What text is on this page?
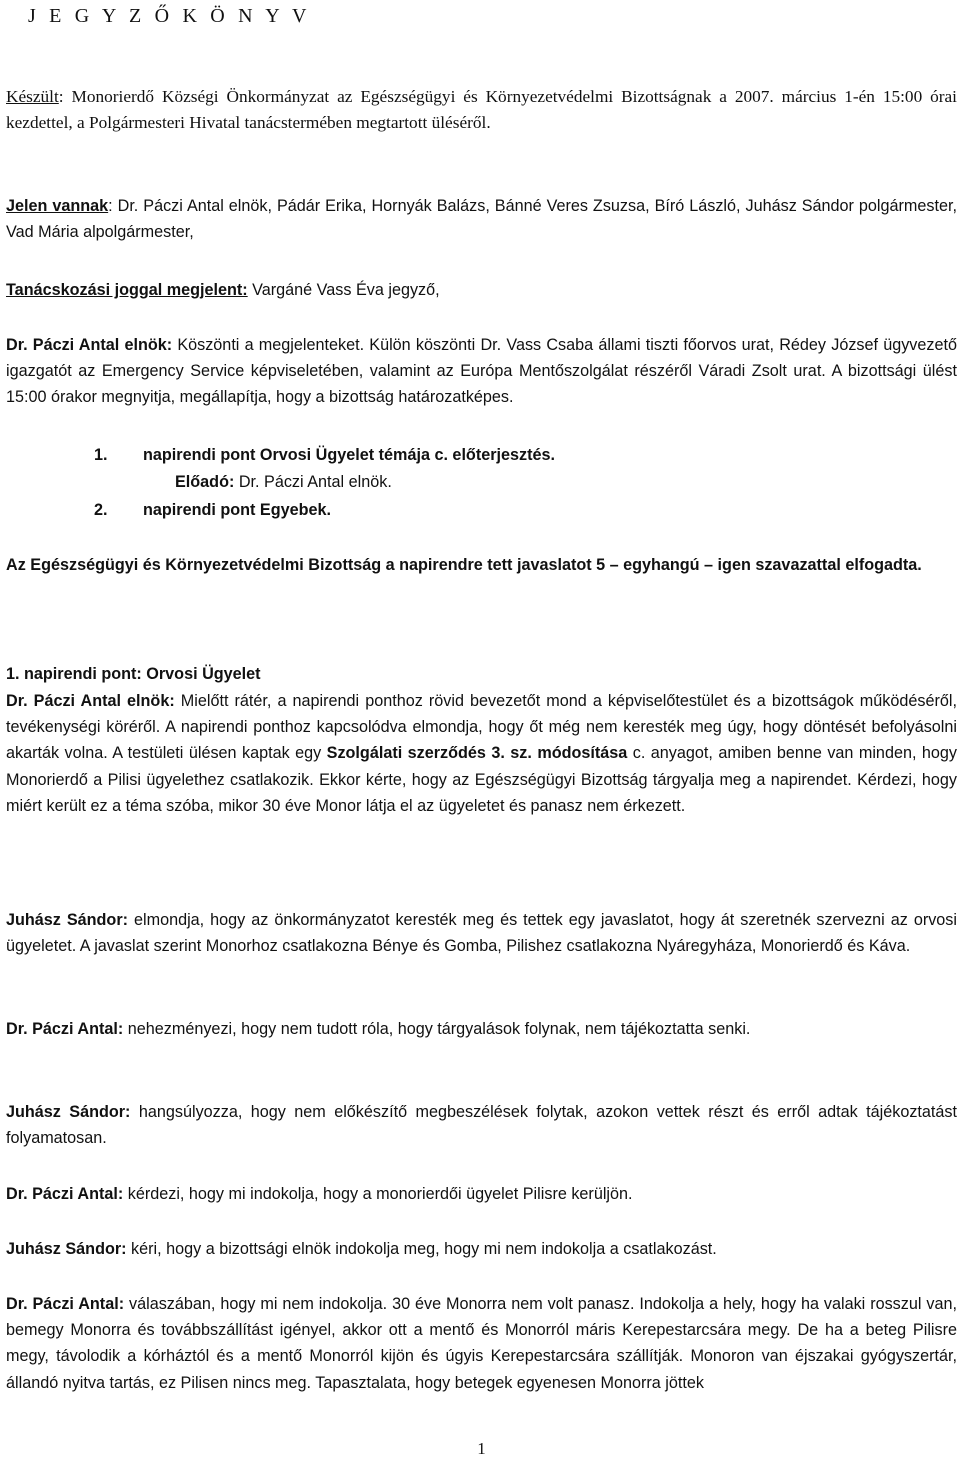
J E G Y Z Ő K Ö N Y V

Készült: Monorierdő Községi Önkormányzat az Egészségügyi és Környezetvédelmi Bizottságnak a 2007. március 1-én 15:00 órai kezdettel, a Polgármesteri Hivatal tanácstermében megtartott üléséről.

Jelen vannak: Dr. Páczi Antal elnök, Pádár Erika, Hornyák Balázs, Bánné Veres Zsuzsa, Bíró László, Juhász Sándor polgármester, Vad Mária alpolgármester,

Tanácskozási joggal megjelent: Vargáné Vass Éva jegyző,

Dr. Páczi Antal elnök: Köszönti a megjelenteket. Külön köszönti Dr. Vass Csaba állami tiszti főorvos urat, Rédey József ügyvezető igazgatót az Emergency Service képviseletében, valamint az Európa Mentőszolgálat részéről Váradi Zsolt urat. A bizottsági ülést 15:00 órakor megnyitja, megállapítja, hogy a bizottság határozatképes.

1. napirendi pont Orvosi Ügyelet témája c. előterjesztés.

Előadó: Dr. Páczi Antal elnök.

2. napirendi pont Egyebek.

Az Egészségügyi és Környezetvédelmi Bizottság a napirendre tett javaslatot 5 – egyhangú – igen szavazattal elfogadta.

1. napirendi pont: Orvosi Ügyelet

Dr. Páczi Antal elnök: Mielőtt rátér, a napirendi ponthoz rövid bevezetőt mond a képviselőtestület és a bizottságok működéséről, tevékenységi köréről. A napirendi ponthoz kapcsolódva elmondja, hogy őt még nem keresték meg úgy, hogy döntését befolyásolni akarták volna. A testületi ülésen kaptak egy Szolgálati szerződés 3. sz. módosítása c. anyagot, amiben benne van minden, hogy Monorierdő a Pilisi ügyelethez csatlakozik. Ekkor kérte, hogy az Egészségügyi Bizottság tárgyalja meg a napirendet. Kérdezi, hogy miért került ez a téma szóba, mikor 30 éve Monor látja el az ügyeletet és panasz nem érkezett.

Juhász Sándor: elmondja, hogy az önkormányzatot keresték meg és tettek egy javaslatot, hogy át szeretnék szervezni az orvosi ügyeletet. A javaslat szerint Monorhoz csatlakozna Bénye és Gomba, Pilishez csatlakozna Nyáregyháza, Monorierdő és Káva.

Dr. Páczi Antal: nehezményezi, hogy nem tudott róla, hogy tárgyalások folynak, nem tájékoztatta senki.

Juhász Sándor: hangsúlyozza, hogy nem előkészítő megbeszélések folytak, azokon vettek részt és erről adtak tájékoztatást folyamatosan.

Dr. Páczi Antal: kérdezi, hogy mi indokolja, hogy a monorierdői ügyelet Pilisre kerüljön.

Juhász Sándor: kéri, hogy a bizottsági elnök indokolja meg, hogy mi nem indokolja a csatlakozást.

Dr. Páczi Antal: válaszában, hogy mi nem indokolja. 30 éve Monorra nem volt panasz. Indokolja a hely, hogy ha valaki rosszul van, bemegy Monorra és továbbszállítást igényel, akkor ott a mentő és Monorról máris Kerepestarcsára megy. De ha a beteg Pilisre megy, távolodik a kórháztól és a mentő Monorról kijön és úgyis Kerepestarcsára szállítják. Monoron van éjszakai gyógyszertár, állandó nyitva tartás, ez Pilisen nincs meg. Tapasztalata, hogy betegek egyenesen Monorra jöttek

1
